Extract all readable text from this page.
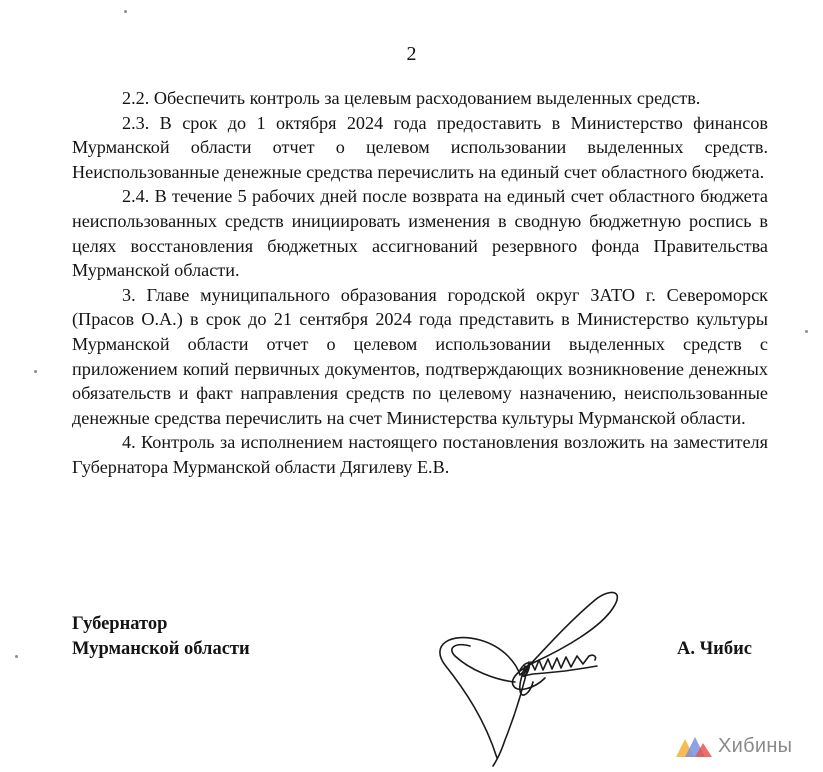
2

2.2. Обеспечить контроль за целевым расходованием выделенных средств.

2.3. В срок до 1 октября 2024 года предоставить в Министерство финансов Мурманской области отчет о целевом использовании выделенных средств. Неиспользованные денежные средства перечислить на единый счет областного бюджета.

2.4. В течение 5 рабочих дней после возврата на единый счет областного бюджета неиспользованных средств инициировать изменения в сводную бюджетную роспись в целях восстановления бюджетных ассигнований резервного фонда Правительства Мурманской области.

3. Главе муниципального образования городской округ ЗАТО г. Североморск (Прасов О.А.) в срок до 21 сентября 2024 года представить в Министерство культуры Мурманской области отчет о целевом использовании выделенных средств с приложением копий первичных документов, подтверждающих возникновение денежных обязательств и факт направления средств по целевому назначению, неиспользованные денежные средства перечислить на счет Министерства культуры Мурманской области.

4. Контроль за исполнением настоящего постановления возложить на заместителя Губернатора Мурманской области Дягилеву Е.В.

Губернатор
Мурманской области	А. Чибис
Хибины
